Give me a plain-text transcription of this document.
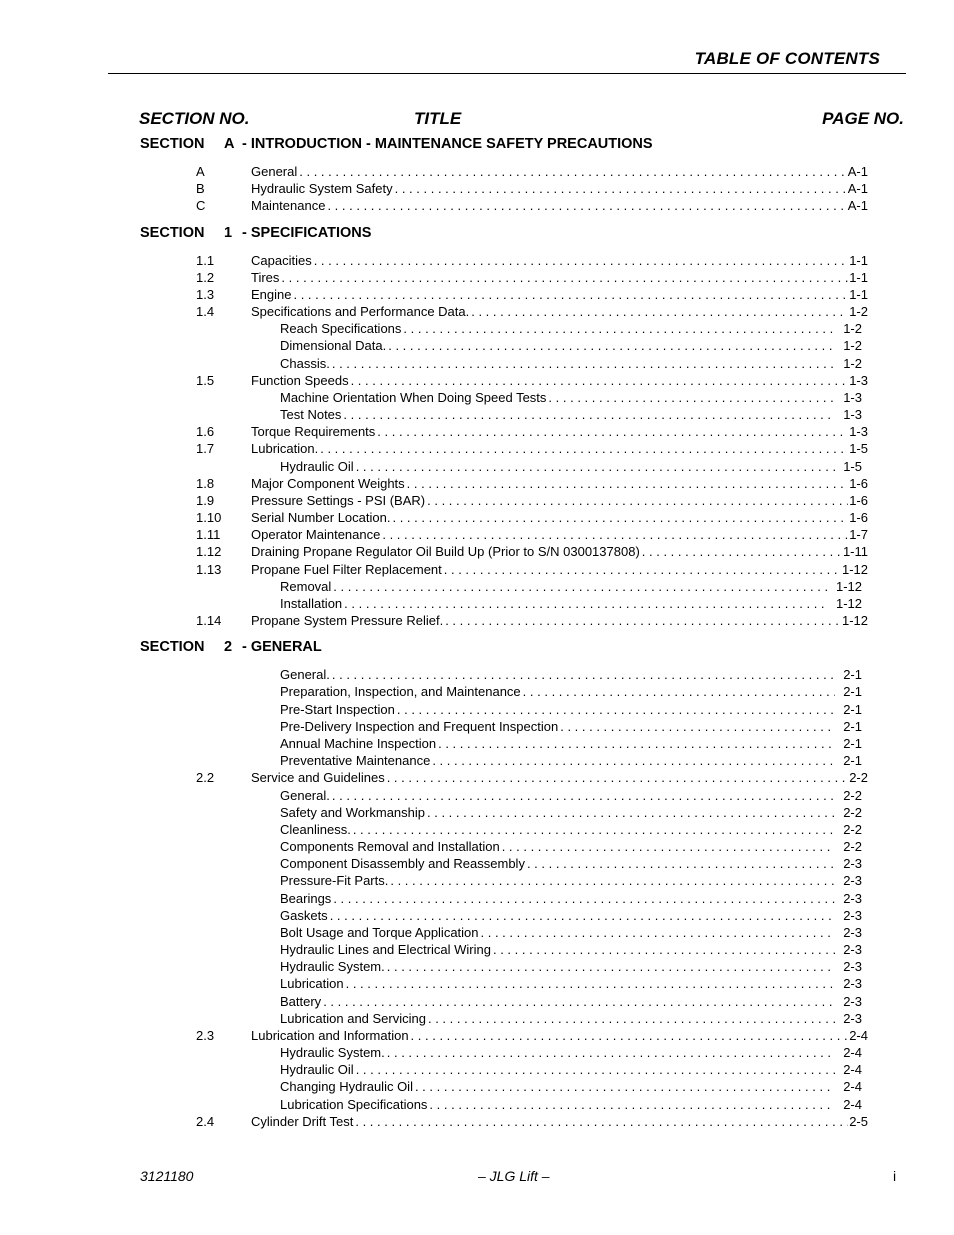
TABLE OF CONTENTS
SECTION NO.	TITLE	PAGE NO.
SECTION A - INTRODUCTION - MAINTENANCE SAFETY PRECAUTIONS
A	General . . .	A-1
B	Hydraulic System Safety . . .	A-1
C	Maintenance . . .	A-1
SECTION 1 - SPECIFICATIONS
1.1	Capacities . . .	1-1
1.2	Tires . . .	1-1
1.3	Engine . . .	1-1
1.4	Specifications and Performance Data. . . .	1-2
Reach Specifications . . .	1-2
Dimensional Data. . . .	1-2
Chassis. . . .	1-2
1.5	Function Speeds . . .	1-3
Machine Orientation When Doing Speed Tests . . .	1-3
Test Notes . . .	1-3
1.6	Torque Requirements . . .	1-3
1.7	Lubrication. . . .	1-5
Hydraulic Oil . . .	1-5
1.8	Major Component Weights . . .	1-6
1.9	Pressure Settings - PSI (BAR) . . .	1-6
1.10 Serial Number Location. . . .	1-6
1.11 Operator Maintenance . . .	1-7
1.12 Draining Propane Regulator Oil Build Up (Prior to S/N 0300137808) . . .	1-11
1.13 Propane Fuel Filter Replacement . . .	1-12
Removal . . .	1-12
Installation . . .	1-12
1.14 Propane System Pressure Relief. . . .	1-12
SECTION 2 - GENERAL
General. . . .	2-1
Preparation, Inspection, and Maintenance . . .	2-1
Pre-Start Inspection . . .	2-1
Pre-Delivery Inspection and Frequent Inspection . . .	2-1
Annual Machine Inspection . . .	2-1
Preventative Maintenance . . .	2-1
2.2	Service and Guidelines . . .	2-2
General. . . .	2-2
Safety and Workmanship . . .	2-2
Cleanliness. . . .	2-2
Components Removal and Installation . . .	2-2
Component Disassembly and Reassembly . . .	2-3
Pressure-Fit Parts. . . .	2-3
Bearings . . .	2-3
Gaskets . . .	2-3
Bolt Usage and Torque Application . . .	2-3
Hydraulic Lines and Electrical Wiring . . .	2-3
Hydraulic System. . . .	2-3
Lubrication . . .	2-3
Battery . . .	2-3
Lubrication and Servicing . . .	2-3
2.3	Lubrication and Information . . .	2-4
Hydraulic System. . . .	2-4
Hydraulic Oil . . .	2-4
Changing Hydraulic Oil . . .	2-4
Lubrication Specifications . . .	2-4
2.4	Cylinder Drift Test . . .	2-5
3121180	– JLG Lift –	i
